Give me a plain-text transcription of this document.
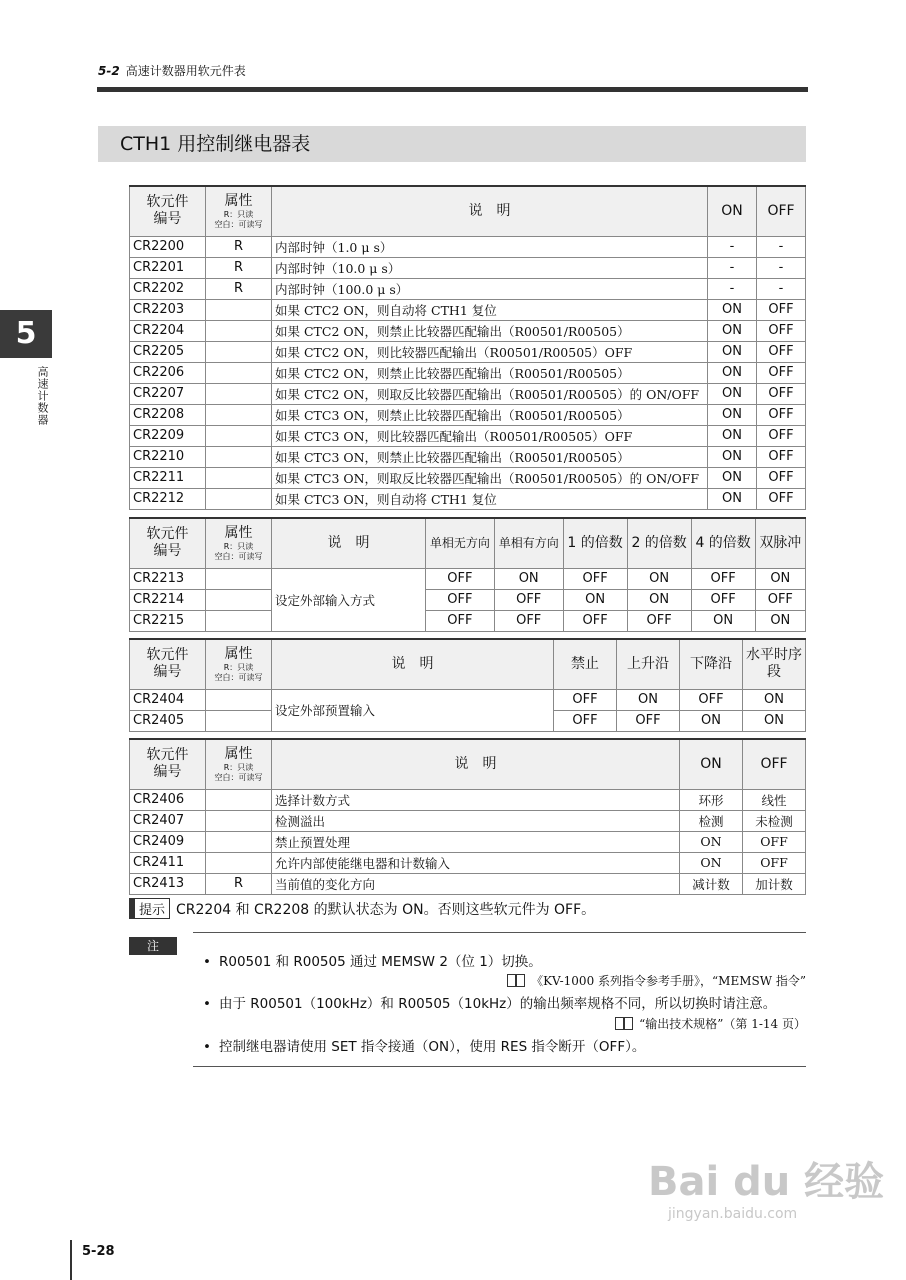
5-2 高速计数器用软元件表
5
高速计数器
CTH1 用控制继电器表
软元件
编号	属性
R：只读
空白：可读写	说　明	ON	OFF
CR2200	R	内部时钟（1.0 μ s）	-	-
CR2201	R	内部时钟（10.0 μ s）	-	-
CR2202	R	内部时钟（100.0 μ s）	-	-
CR2203		如果 CTC2 ON，则自动将 CTH1 复位	ON	OFF
CR2204		如果 CTC2 ON，则禁止比较器匹配输出（R00501/R00505）	ON	OFF
CR2205		如果 CTC2 ON，则比较器匹配输出（R00501/R00505）OFF	ON	OFF
CR2206		如果 CTC2 ON，则禁止比较器匹配输出（R00501/R00505）	ON	OFF
CR2207		如果 CTC2 ON，则取反比较器匹配输出（R00501/R00505）的 ON/OFF	ON	OFF
CR2208		如果 CTC3 ON，则禁止比较器匹配输出（R00501/R00505）	ON	OFF
CR2209		如果 CTC3 ON，则比较器匹配输出（R00501/R00505）OFF	ON	OFF
CR2210		如果 CTC3 ON，则禁止比较器匹配输出（R00501/R00505）	ON	OFF
CR2211		如果 CTC3 ON，则取反比较器匹配输出（R00501/R00505）的 ON/OFF	ON	OFF
CR2212		如果 CTC3 ON，则自动将 CTH1 复位	ON	OFF
软元件
编号	属性
R：只读
空白：可读写	说　明	单相无方向	单相有方向	1 的倍数	2 的倍数	4 的倍数	双脉冲
CR2213		设定外部输入方式	OFF	ON	OFF	ON	OFF	ON
CR2214			OFF	OFF	ON	ON	OFF	OFF
CR2215			OFF	OFF	OFF	OFF	ON	ON
软元件
编号	属性
R：只读
空白：可读写	说　明	禁止	上升沿	下降沿	水平时序段
CR2404		设定外部预置输入	OFF	ON	OFF	ON
CR2405			OFF	OFF	ON	ON
软元件
编号	属性
R：只读
空白：可读写	说　明	ON	OFF
CR2406		选择计数方式	环形	线性
CR2407		检测溢出	检测	未检测
CR2409		禁止预置处理	ON	OFF
CR2411		允许内部使能继电器和计数输入	ON	OFF
CR2413	R	当前值的变化方向	减计数	加计数
提示 CR2204 和 CR2208 的默认状态为 ON。否则这些软元件为 OFF。
注
• R00501 和 R00505 通过 MEMSW 2（位 1）切换。
《KV-1000 系列指令参考手册》，“MEMSW 指令”
• 由于 R00501（100kHz）和 R00505（10kHz）的输出频率规格不同，所以切换时请注意。
“输出技术规格”（第 1-14 页）
• 控制继电器请使用 SET 指令接通（ON），使用 RES 指令断开（OFF）。
Bai du 经验
jingyan.baidu.com
5-28
